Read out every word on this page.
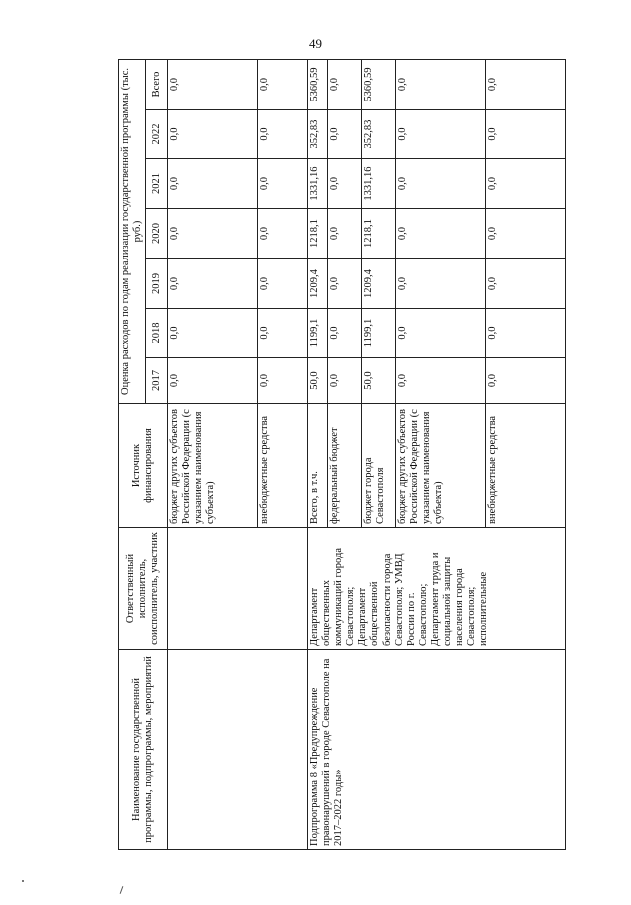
49
Наименование государственной программы, подпрограммы, мероприятий	Ответственный исполнитель, соисполнитель, участник	Источник финансирования	Оценка расходов по годам реализации государственной программы (тыс. руб.)						
			2017	2018	2019	2020	2021	2022	Всего
		бюджет других субъектов Российской Федерации (с указанием наименования субъекта)	0,0	0,0	0,0	0,0	0,0	0,0	0,0
		внебюджетные средства	0,0	0,0	0,0	0,0	0,0	0,0	0,0
Подпрограмма 8 «Предупреждение правонарушений в городе Севастополе на 2017–2022 годы»	Департамент общественных коммуникаций города Севастополя; Департамент общественной безопасности города Севастополя; УМВД России по г. Севастополю; Департамент труда и социальной защиты населения города Севастополя; исполнительные	Всего, в т.ч.	50,0	1199,1	1209,4	1218,1	1331,16	352,83	5360,59
		федеральный бюджет	0,0	0,0	0,0	0,0	0,0	0,0	0,0
		бюджет города Севастополя	50,0	1199,1	1209,4	1218,1	1331,16	352,83	5360,59
		бюджет других субъектов Российской Федерации (с указанием наименования субъекта)	0,0	0,0	0,0	0,0	0,0	0,0	0,0
		внебюджетные средства	0,0	0,0	0,0	0,0	0,0	0,0	0,0
